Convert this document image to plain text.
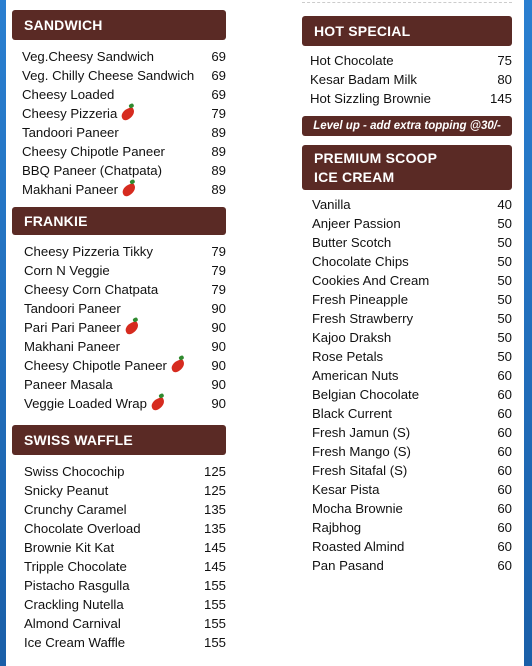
SANDWICH
Veg.Cheesy Sandwich	69
Veg. Chilly Cheese Sandwich	69
Cheesy Loaded	69
Cheesy Pizzeria	79
Tandoori Paneer	89
Cheesy Chipotle Paneer	89
BBQ Paneer (Chatpata)	89
Makhani Paneer	89
FRANKIE
Cheesy Pizzeria Tikky	79
Corn N Veggie	79
Cheesy Corn Chatpata	79
Tandoori Paneer	90
Pari Pari Paneer	90
Makhani Paneer	90
Cheesy Chipotle Paneer	90
Paneer Masala	90
Veggie Loaded Wrap	90
SWISS WAFFLE
Swiss Chocochip	125
Snicky Peanut	125
Crunchy Caramel	135
Chocolate Overload	135
Brownie Kit Kat	145
Tripple Chocolate	145
Pistacho Rasgulla	155
Crackling Nutella	155
Almond Carnival	155
Ice Cream Waffle	155
HOT SPECIAL
Hot Chocolate	75
Kesar Badam Milk	80
Hot Sizzling Brownie	145
Level up - add extra topping @30/-
PREMIUM SCOOP
ICE CREAM
Vanilla	40
Anjeer Passion	50
Butter Scotch	50
Chocolate Chips	50
Cookies And Cream	50
Fresh Pineapple	50
Fresh Strawberry	50
Kajoo Draksh	50
Rose Petals	50
American Nuts	60
Belgian Chocolate	60
Black Current	60
Fresh Jamun (S)	60
Fresh Mango (S)	60
Fresh Sitafal (S)	60
Kesar Pista	60
Mocha Brownie	60
Rajbhog	60
Roasted Almind	60
Pan Pasand	60
